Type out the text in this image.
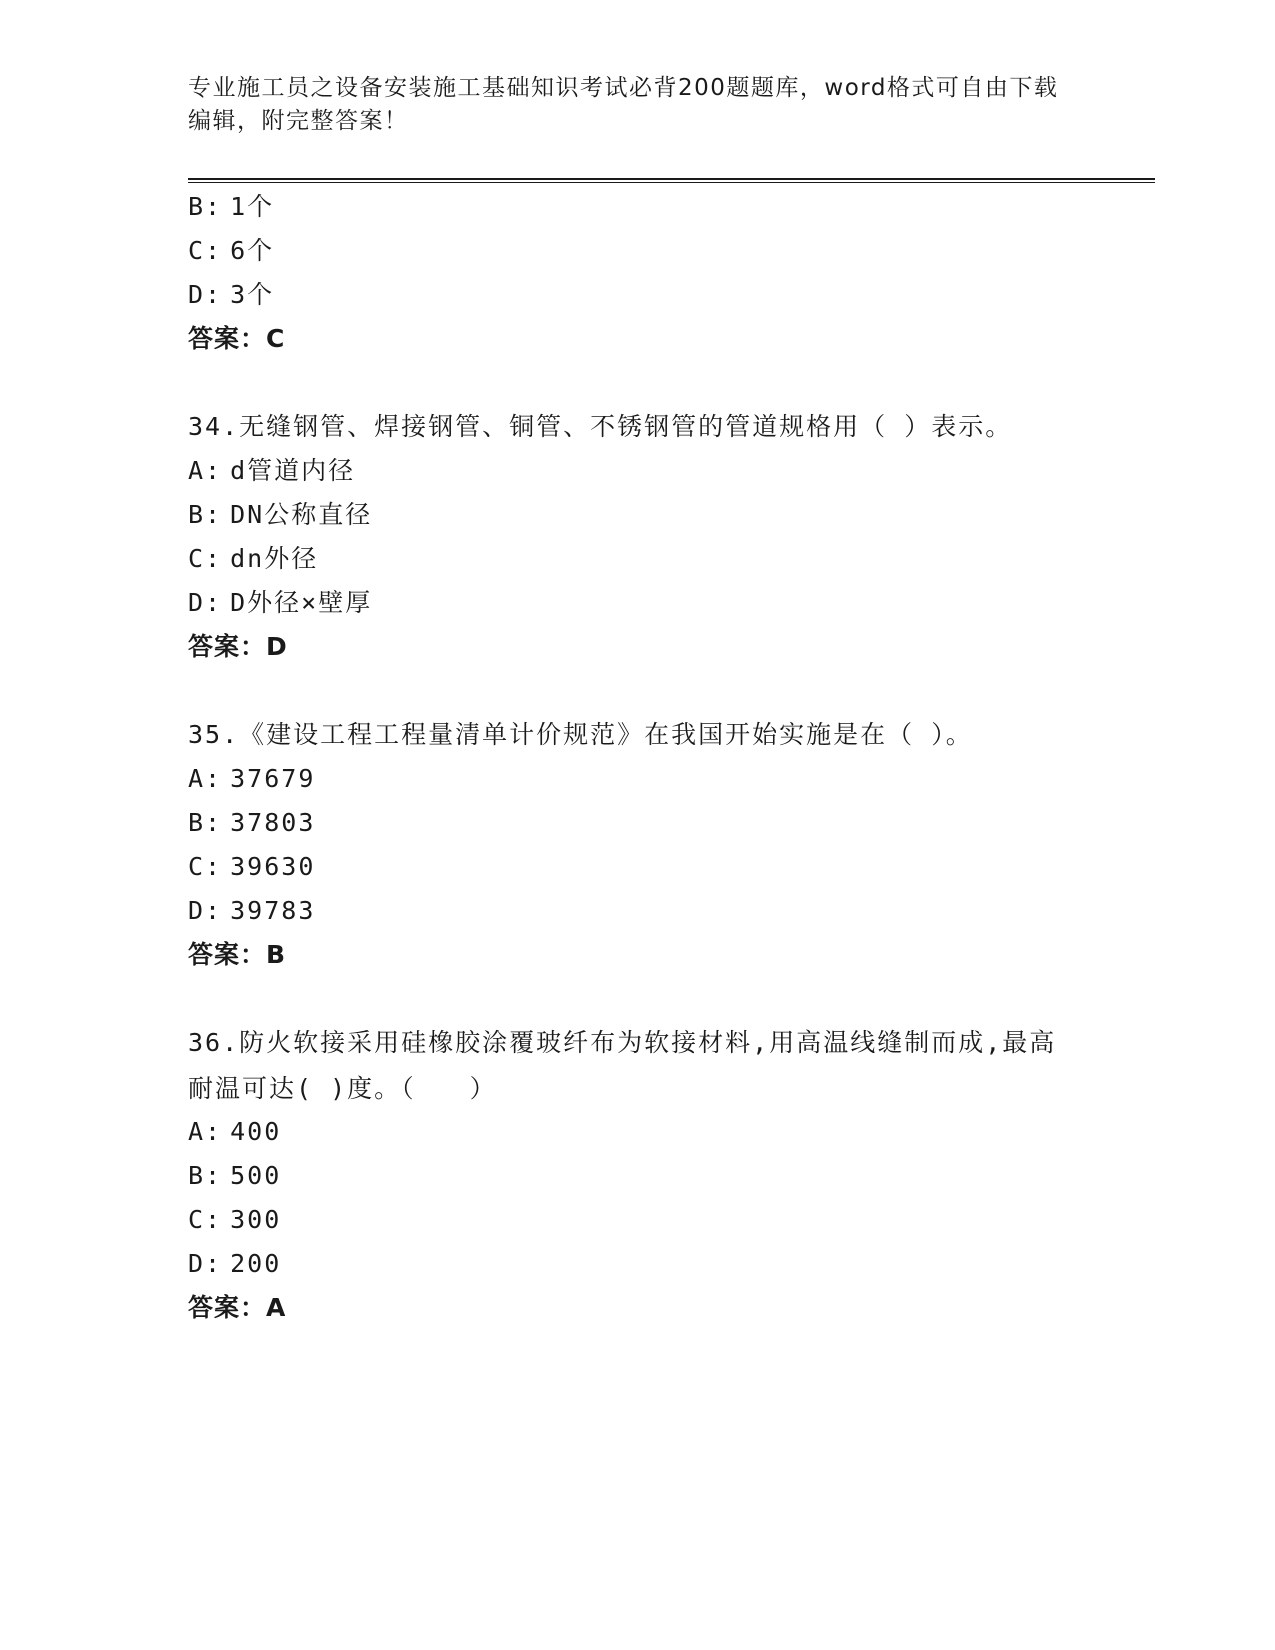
专业施工员之设备安装施工基础知识考试必背200题题库，word格式可自由下载编辑，附完整答案！
B: 1个
C: 6个
D: 3个
答案：C
34.无缝钢管、焊接钢管、铜管、不锈钢管的管道规格用（ ）表示。
A: d管道内径
B: DN公称直径
C: dn外径
D: D外径×壁厚
答案：D
35.《建设工程工程量清单计价规范》在我国开始实施是在（ ）。
A: 37679
B: 37803
C: 39630
D: 39783
答案：B
36.防火软接采用硅橡胶涂覆玻纤布为软接材料,用高温线缝制而成,最高耐温可达( )度。（　　）
A: 400
B: 500
C: 300
D: 200
答案：A
